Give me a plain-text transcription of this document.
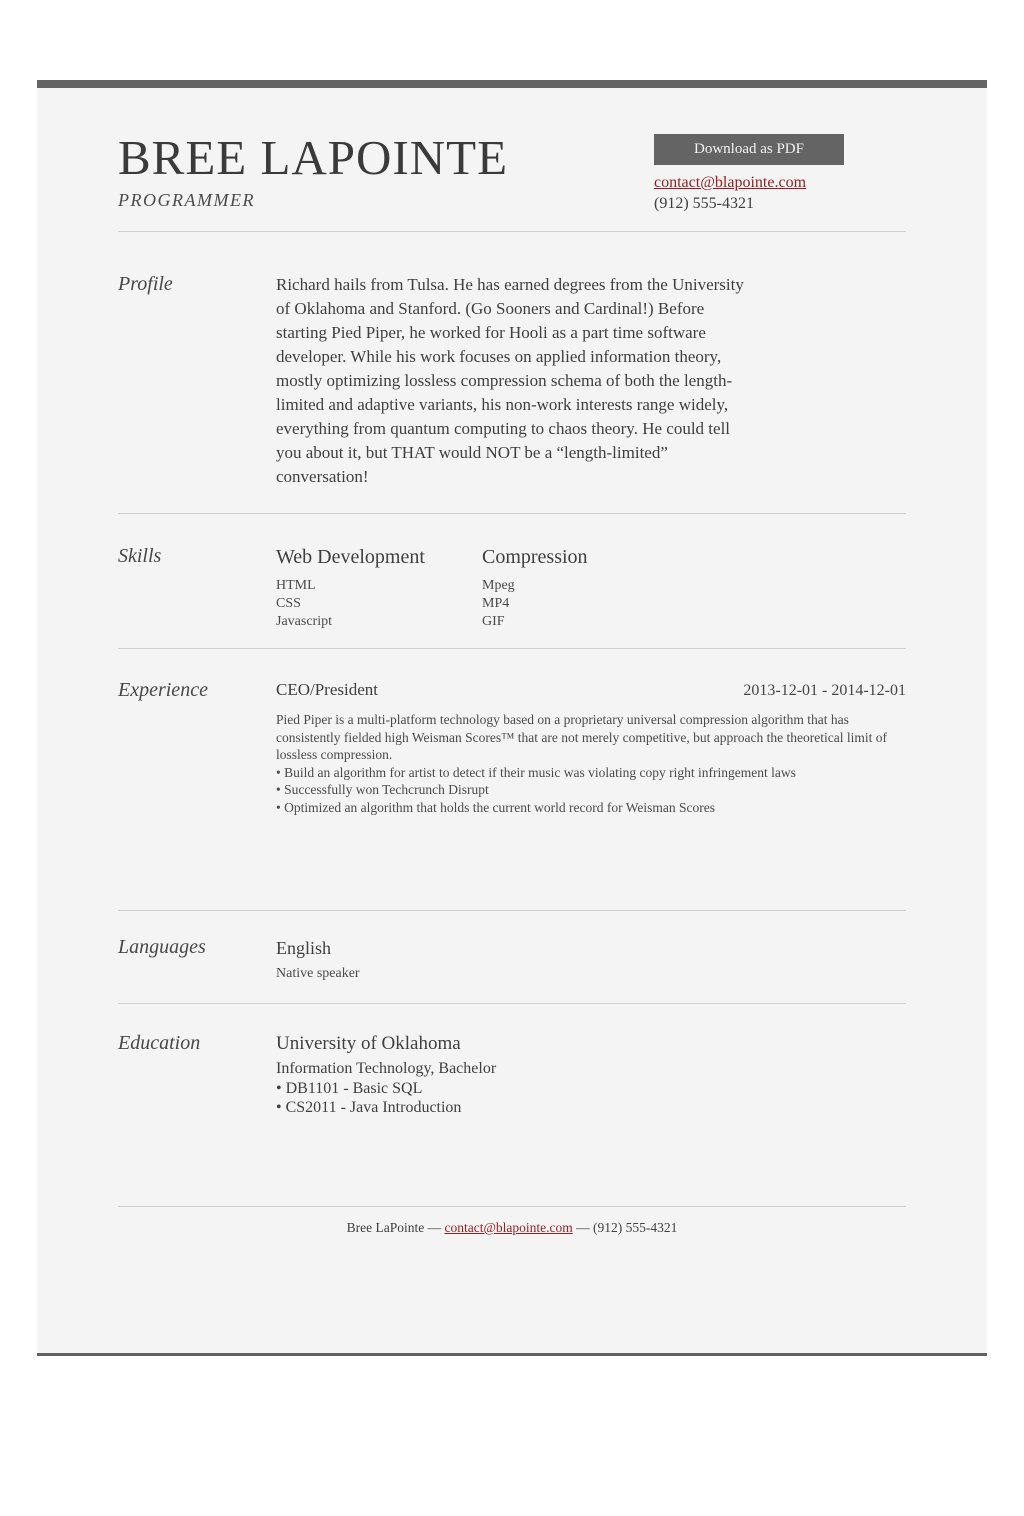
BREE LAPOINTE
PROGRAMMER
Download as PDF
contact@blapointe.com
(912) 555-4321
Profile	Richard hails from Tulsa. He has earned degrees from the University of Oklahoma and Stanford. (Go Sooners and Cardinal!) Before starting Pied Piper, he worked for Hooli as a part time software developer. While his work focuses on applied information theory, mostly optimizing lossless compression schema of both the length-limited and adaptive variants, his non-work interests range widely, everything from quantum computing to chaos theory. He could tell you about it, but THAT would NOT be a “length-limited” conversation!

Skills	Web Development
HTML
CSS
Javascript

Compression
Mpeg
MP4
GIF
Experience	CEO/President	2013-12-01 - 2014-12-01
Pied Piper is a multi-platform technology based on a proprietary universal compression algorithm that has consistently fielded high Weisman Scores™ that are not merely competitive, but approach the theoretical limit of lossless compression.
• Build an algorithm for artist to detect if their music was violating copy right infringement laws
• Successfully won Techcrunch Disrupt
• Optimized an algorithm that holds the current world record for Weisman Scores
Languages	English
Native speaker
Education	University of Oklahoma
Information Technology, Bachelor
• DB1101 - Basic SQL
• CS2011 - Java Introduction
Bree LaPointe — contact@blapointe.com — (912) 555-4321
